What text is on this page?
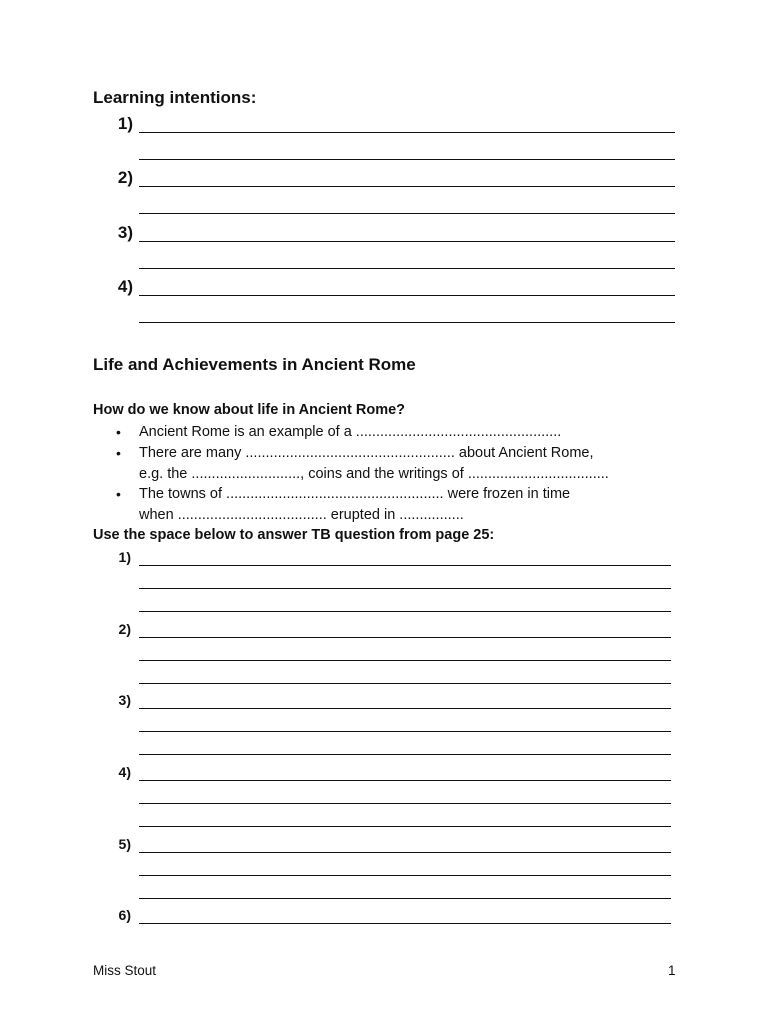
Learning intentions:
1)
2)
3)
4)
Life and Achievements in Ancient Rome
How do we know about life in Ancient Rome?
• Ancient Rome is an example of a ...................................................
• There are many .................................................... about Ancient Rome,
e.g. the ..........................., coins and the writings of ...................................
• The towns of ...................................................... were frozen in time
when ..................................... erupted in ................
Use the space below to answer TB question from page 25:
1)
2)
3)
4)
5)
6)
Miss Stout	1
